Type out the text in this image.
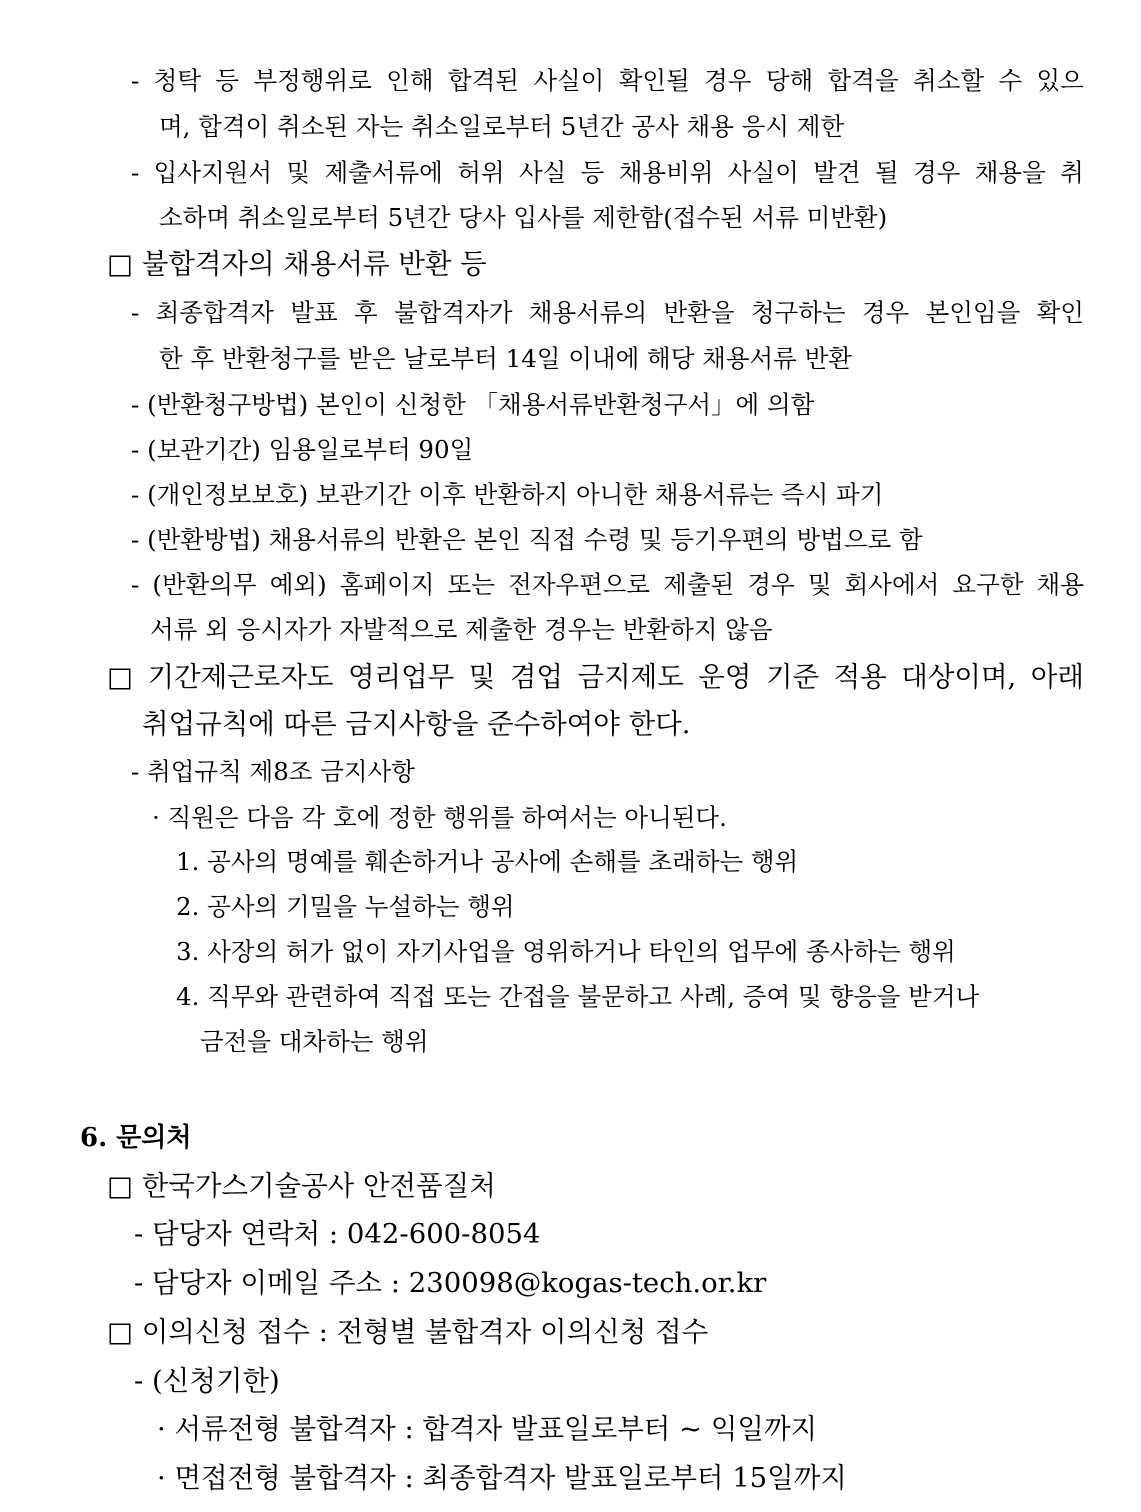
- 청탁 등 부정행위로 인해 합격된 사실이 확인될 경우 당해 합격을 취소할 수 있으
며, 합격이 취소된 자는 취소일로부터 5년간 공사 채용 응시 제한
- 입사지원서 및 제출서류에 허위 사실 등 채용비위 사실이 발견 될 경우 채용을 취
소하며 취소일로부터 5년간 당사 입사를 제한함(접수된 서류 미반환)
□ 불합격자의 채용서류 반환 등
- 최종합격자 발표 후 불합격자가 채용서류의 반환을 청구하는 경우 본인임을 확인
한 후 반환청구를 받은 날로부터 14일 이내에 해당 채용서류 반환
- (반환청구방법) 본인이 신청한 「채용서류반환청구서」에 의함
- (보관기간) 임용일로부터 90일
- (개인정보보호) 보관기간 이후 반환하지 아니한 채용서류는 즉시 파기
- (반환방법) 채용서류의 반환은 본인 직접 수령 및 등기우편의 방법으로 함
- (반환의무 예외) 홈페이지 또는 전자우편으로 제출된 경우 및 회사에서 요구한 채용
서류 외 응시자가 자발적으로 제출한 경우는 반환하지 않음
□ 기간제근로자도 영리업무 및 겸업 금지제도 운영 기준 적용 대상이며, 아래
취업규칙에 따른 금지사항을 준수하여야 한다.
- 취업규칙 제8조 금지사항
· 직원은 다음 각 호에 정한 행위를 하여서는 아니된다.
1. 공사의 명예를 훼손하거나 공사에 손해를 초래하는 행위
2. 공사의 기밀을 누설하는 행위
3. 사장의 허가 없이 자기사업을 영위하거나 타인의 업무에 종사하는 행위
4. 직무와 관련하여 직접 또는 간접을 불문하고 사례, 증여 및 향응을 받거나
금전을 대차하는 행위
6. 문의처
□ 한국가스기술공사 안전품질처
- 담당자 연락처 : 042-600-8054
- 담당자 이메일 주소 : 230098@kogas-tech.or.kr
□ 이의신청 접수 : 전형별 불합격자 이의신청 접수
- (신청기한)
· 서류전형 불합격자 : 합격자 발표일로부터 ~ 익일까지
· 면접전형 불합격자 : 최종합격자 발표일로부터 15일까지
